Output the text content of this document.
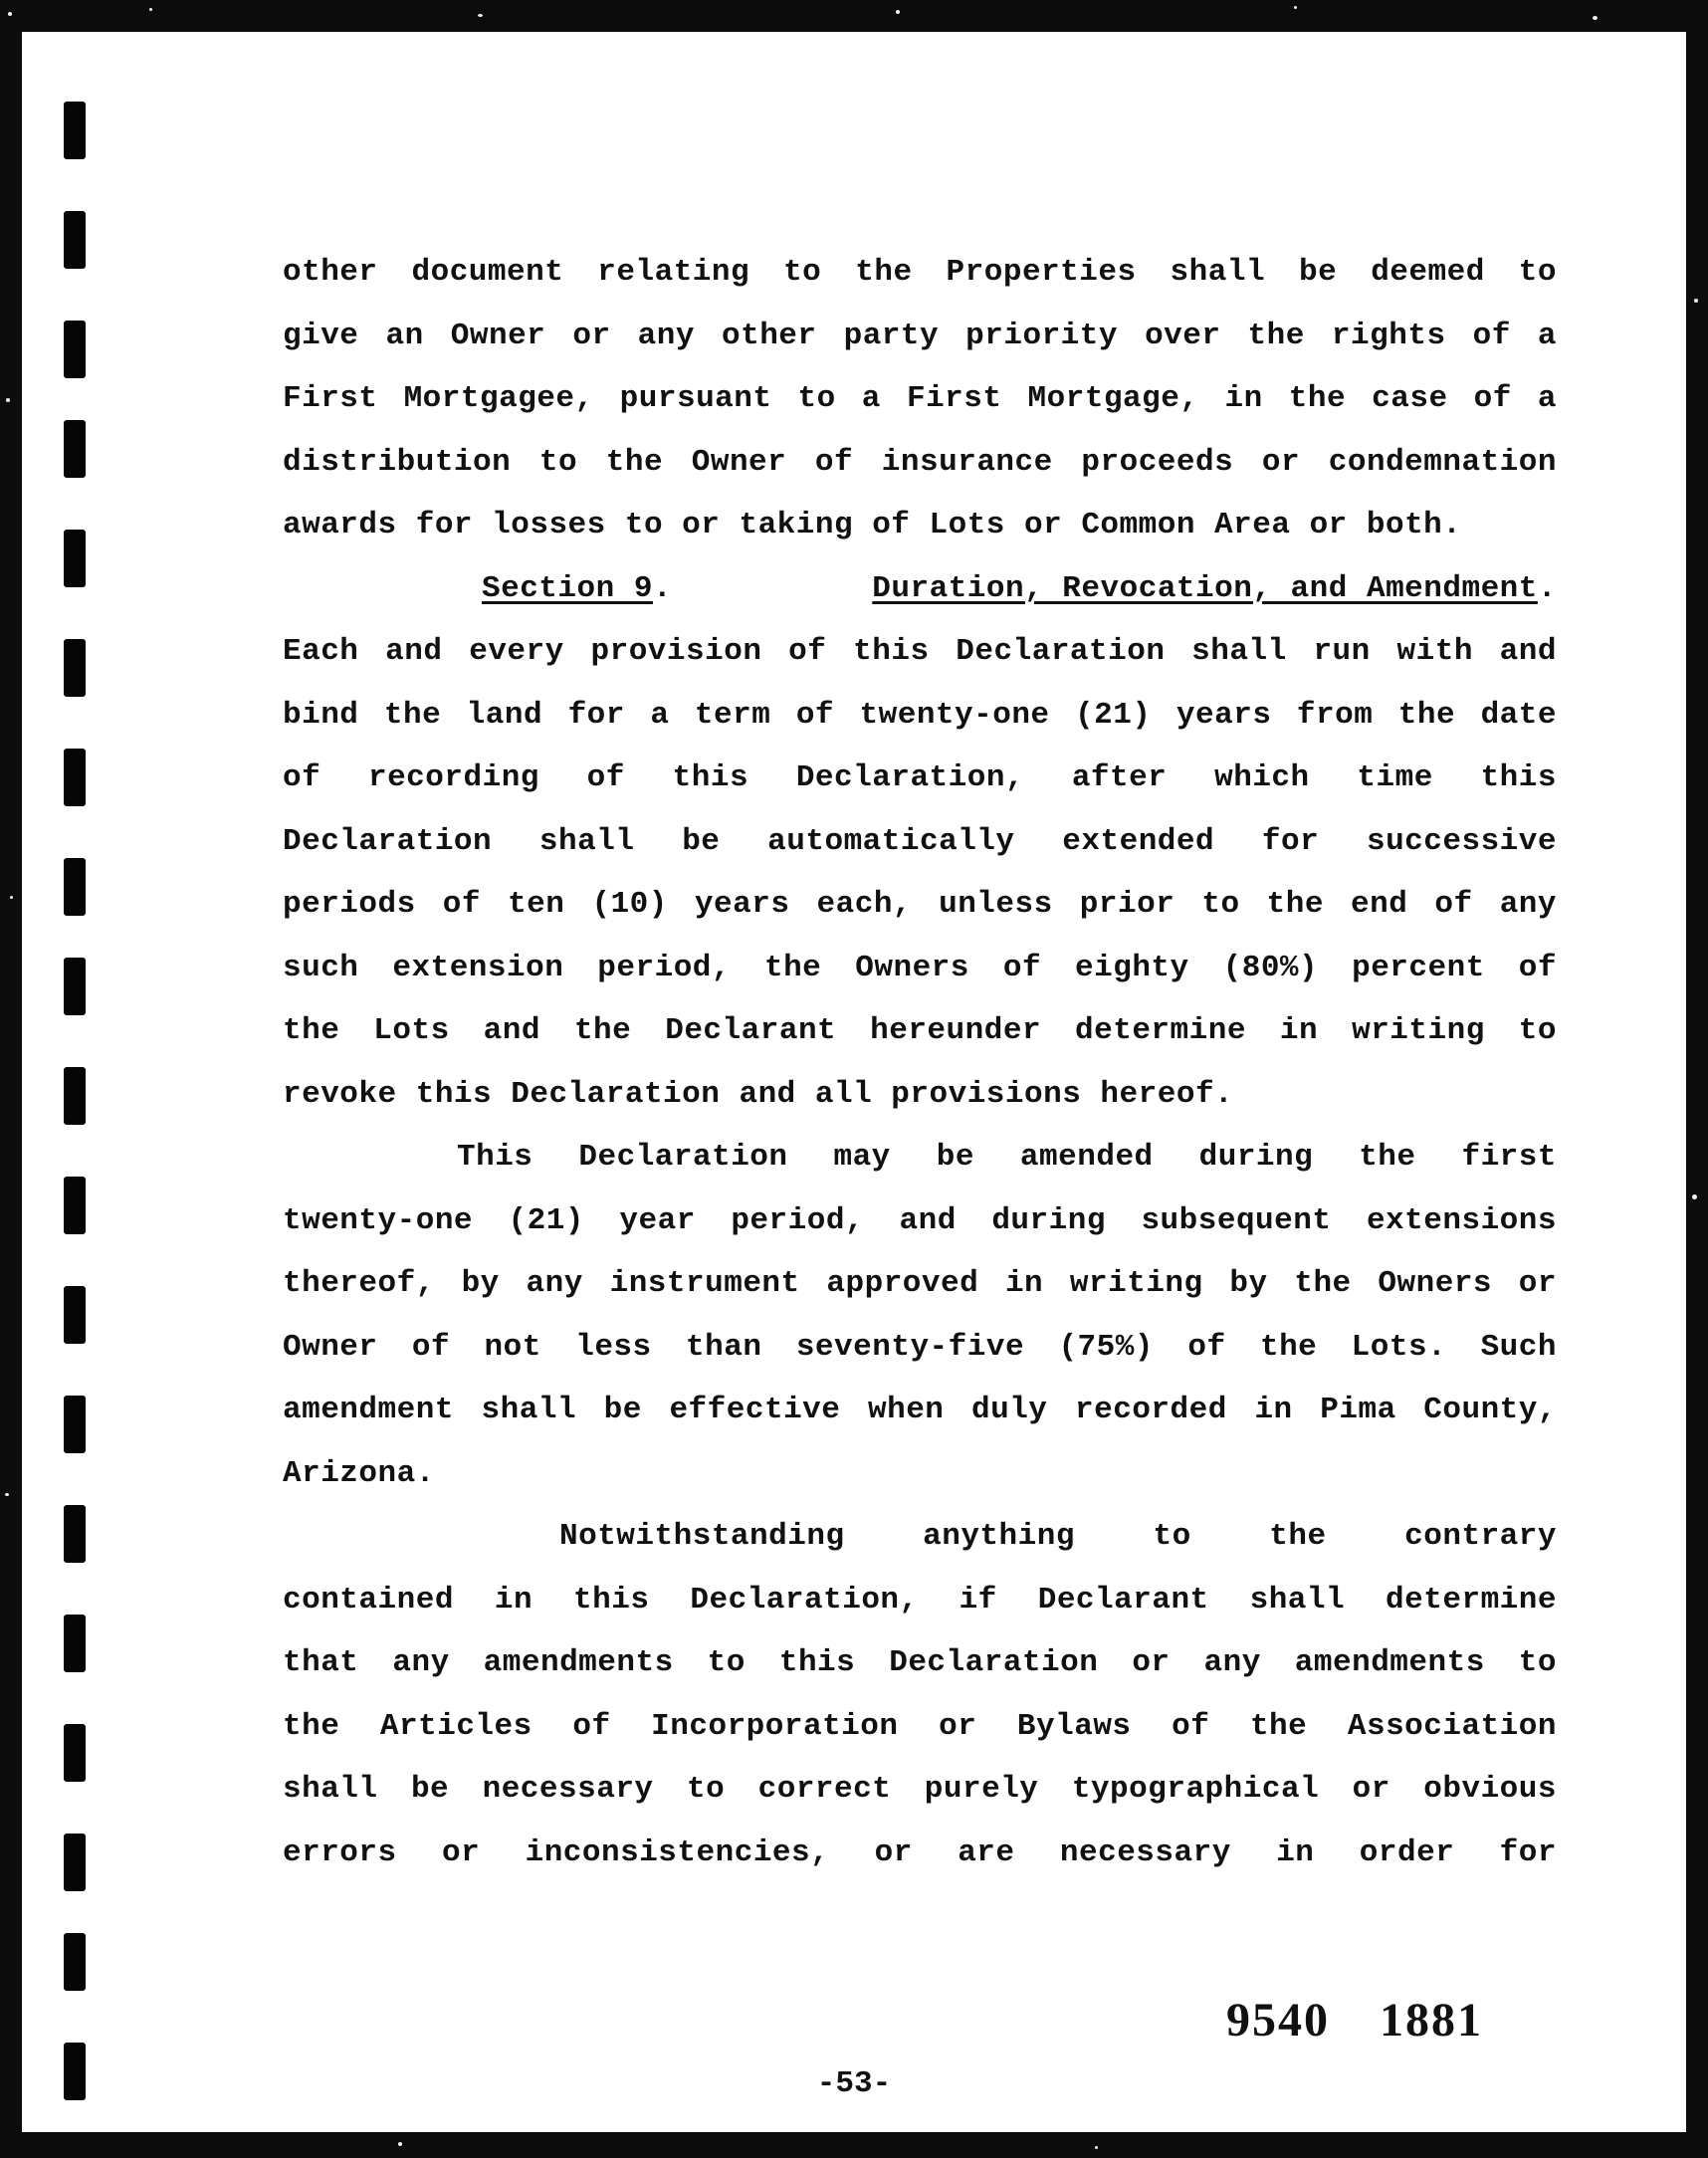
other document relating to the Properties shall be deemed to
give an Owner or any other party priority over the rights of a
First Mortgagee, pursuant to a First Mortgage, in the case of a
distribution to the Owner of insurance proceeds or condemnation
awards for losses to or taking of Lots or Common Area or both.

Section 9.	Duration, Revocation, and Amendment.

Each and every provision of this Declaration shall run with and
bind the land for a term of twenty-one (21) years from the date
of recording of this Declaration, after which time this
Declaration shall be automatically extended for successive
periods of ten (10) years each, unless prior to the end of any
such extension period, the Owners of eighty (80%) percent of
the Lots and the Declarant hereunder determine in writing to
revoke this Declaration and all provisions hereof.

This Declaration may be amended during the first
twenty-one (21) year period, and during subsequent extensions
thereof, by any instrument approved in writing by the Owners or
Owner of not less than seventy-five (75%) of the Lots. Such
amendment shall be effective when duly recorded in Pima County,
Arizona.

Notwithstanding anything to the contrary
contained in this Declaration, if Declarant shall determine
that any amendments to this Declaration or any amendments to
the Articles of Incorporation or Bylaws of the Association
shall be necessary to correct purely typographical or obvious
errors or inconsistencies, or are necessary in order for

9540 1881
-53-
